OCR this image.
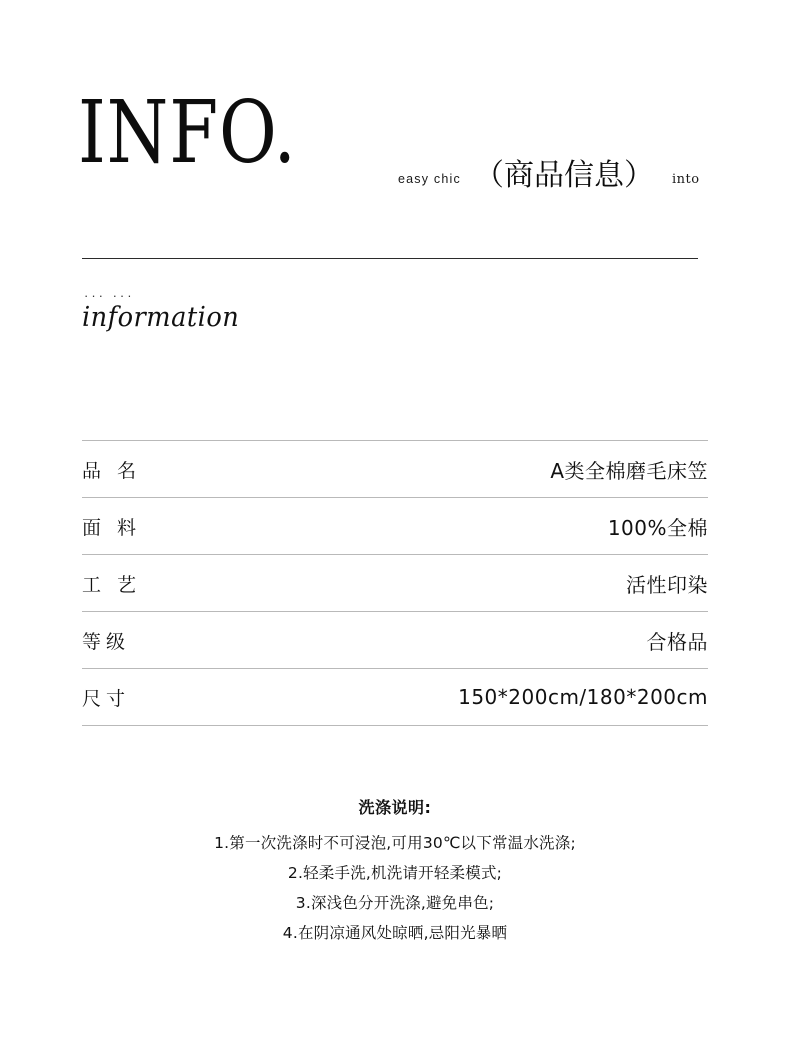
INFO.	easy chic （商品信息） into
··· ···
information
品 名	A类全棉磨毛床笠
面 料	100%全棉
工 艺	活性印染
等级	合格品
尺寸	150*200cm/180*200cm
洗涤说明:
1.第一次洗涤时不可浸泡,可用30℃以下常温水洗涤;
2.轻柔手洗,机洗请开轻柔模式;
3.深浅色分开洗涤,避免串色;
4.在阴凉通风处晾晒,忌阳光暴晒
